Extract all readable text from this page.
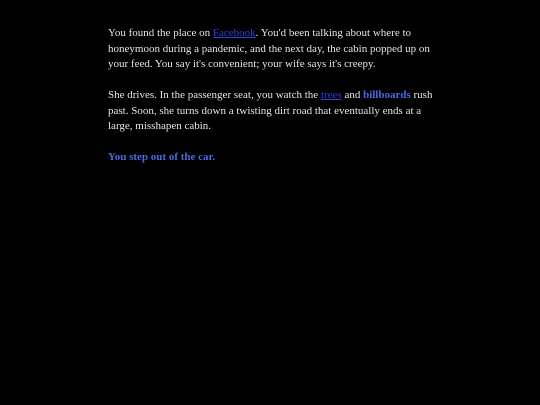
You found the place on Facebook. You'd been talking about where to honeymoon during a pandemic, and the next day, the cabin popped up on your feed. You say it's convenient; your wife says it's creepy.

She drives. In the passenger seat, you watch the trees and billboards rush past. Soon, she turns down a twisting dirt road that eventually ends at a large, misshapen cabin.

You step out of the car.
